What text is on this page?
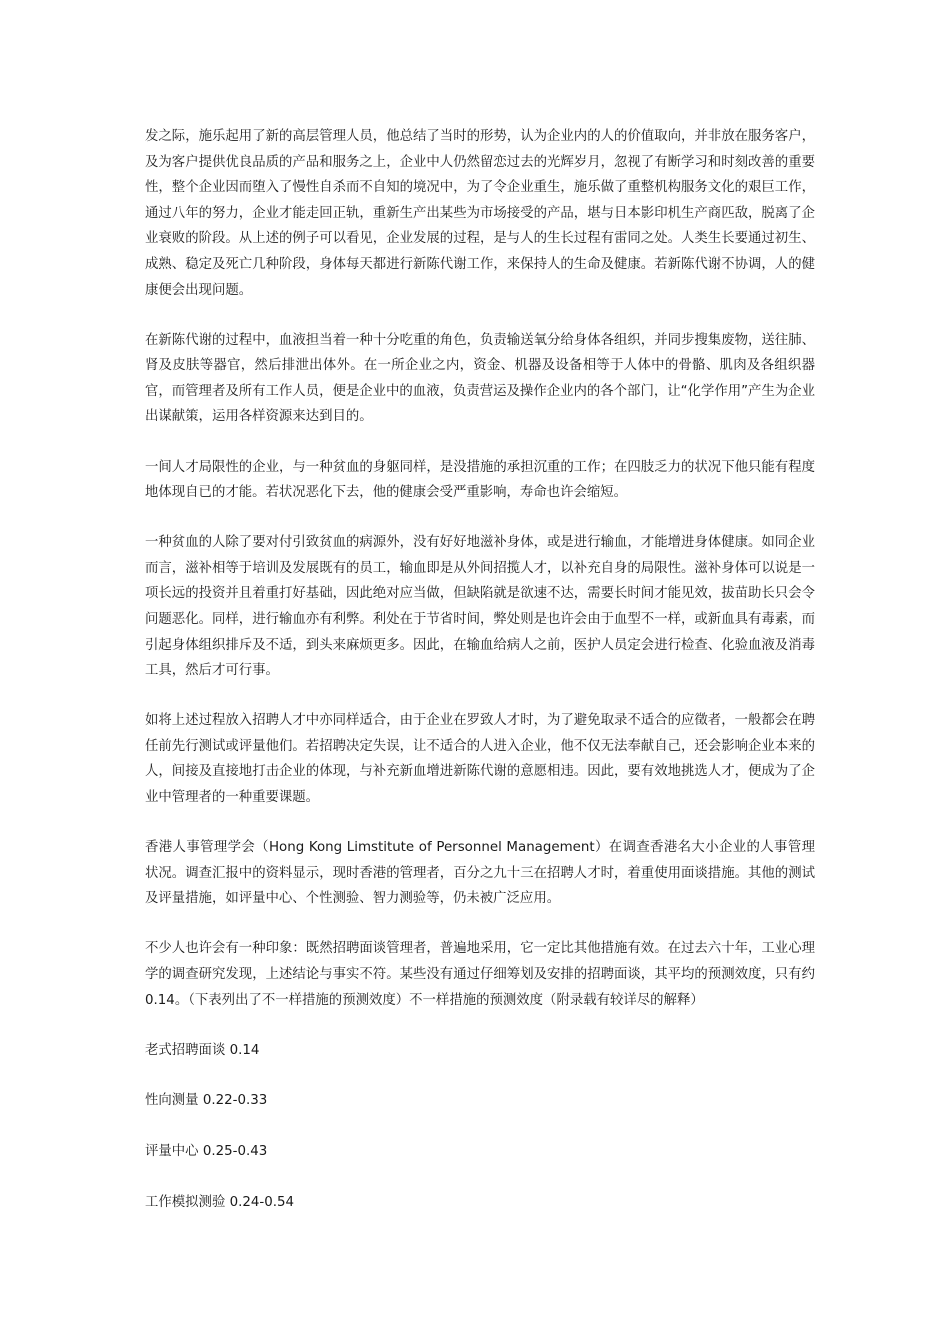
发之际，施乐起用了新的高层管理人员，他总结了当时的形势，认为企业内的人的价值取向，并非放在服务客户，及为客户提供优良品质的产品和服务之上，企业中人仍然留恋过去的光辉岁月，忽视了有断学习和时刻改善的重要性，整个企业因而堕入了慢性自杀而不自知的境况中，为了令企业重生，施乐做了重整机构服务文化的艰巨工作，通过八年的努力，企业才能走回正轨，重新生产出某些为市场接受的产品，堪与日本影印机生产商匹敌，脱离了企业衰败的阶段。从上述的例子可以看见，企业发展的过程，是与人的生长过程有雷同之处。人类生长要通过初生、成熟、稳定及死亡几种阶段，身体每天都进行新陈代谢工作，来保持人的生命及健康。若新陈代谢不协调，人的健康便会出现问题。

在新陈代谢的过程中，血液担当着一种十分吃重的角色，负责输送氧分给身体各组织，并同步搜集废物，送往肺、肾及皮肤等器官，然后排泄出体外。在一所企业之内，资金、机器及设备相等于人体中的骨骼、肌肉及各组织器官，而管理者及所有工作人员，便是企业中的血液，负责营运及操作企业内的各个部门，让“化学作用”产生为企业出谋献策，运用各样资源来达到目的。

一间人才局限性的企业，与一种贫血的身躯同样，是没措施的承担沉重的工作；在四肢乏力的状况下他只能有程度地体现自已的才能。若状况恶化下去，他的健康会受严重影响，寿命也许会缩短。

一种贫血的人除了要对付引致贫血的病源外，没有好好地滋补身体，或是进行输血，才能增进身体健康。如同企业而言，滋补相等于培训及发展既有的员工，输血即是从外间招揽人才，以补充自身的局限性。滋补身体可以说是一项长远的投资并且着重打好基础，因此绝对应当做，但缺陷就是欲速不达，需要长时间才能见效，拔苗助长只会令问题恶化。同样，进行输血亦有利弊。利处在于节省时间，弊处则是也许会由于血型不一样，或新血具有毒素，而引起身体组织排斥及不适，到头来麻烦更多。因此，在输血给病人之前，医护人员定会进行检查、化验血液及消毒工具，然后才可行事。

如将上述过程放入招聘人才中亦同样适合，由于企业在罗致人才时，为了避免取录不适合的应徵者，一般都会在聘任前先行测试或评量他们。若招聘决定失误，让不适合的人进入企业，他不仅无法奉献自己，还会影响企业本来的人，间接及直接地打击企业的体现，与补充新血增进新陈代谢的意愿相违。因此，要有效地挑选人才，便成为了企业中管理者的一种重要课题。

香港人事管理学会（Hong Kong Limstitute of Personnel Management）在调查香港名大小企业的人事管理状况。调查汇报中的资料显示，现时香港的管理者，百分之九十三在招聘人才时，着重使用面谈措施。其他的测试及评量措施，如评量中心、个性测验、智力测验等，仍未被广泛应用。

不少人也许会有一种印象：既然招聘面谈管理者，普遍地采用，它一定比其他措施有效。在过去六十年，工业心理学的调查研究发现，上述结论与事实不符。某些没有通过仔细筹划及安排的招聘面谈，其平均的预测效度，只有约 0.14。（下表列出了不一样措施的预测效度）不一样措施的预测效度（附录载有较详尽的解释）

老式招聘面谈 0.14

性向测量 0.22-0.33

评量中心 0.25-0.43

工作模拟测验 0.24-0.54
